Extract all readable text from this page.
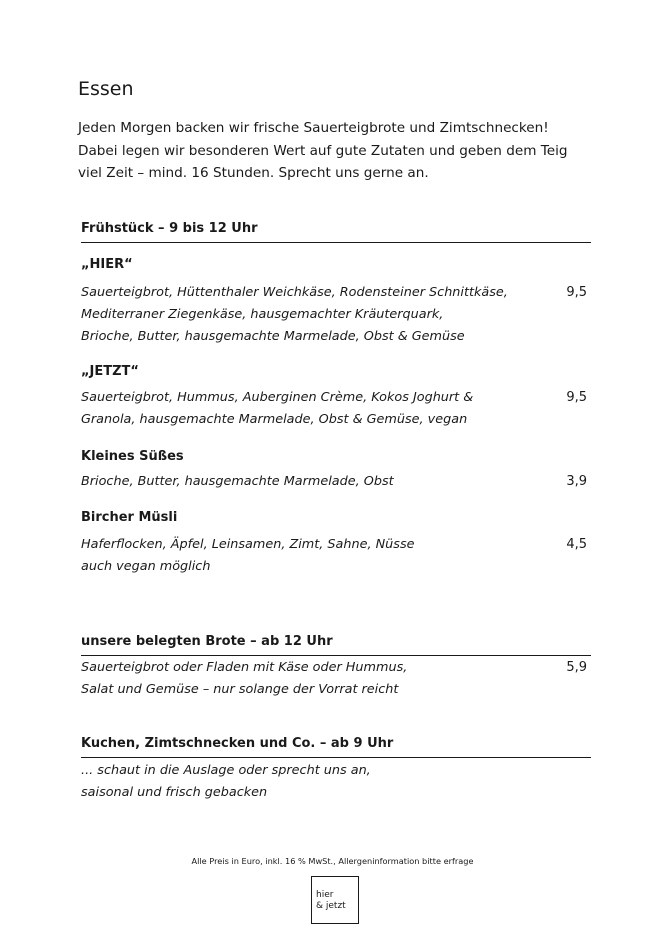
Essen
Jeden Morgen backen wir frische Sauerteigbrote und Zimtschnecken!
Dabei legen wir besonderen Wert auf gute Zutaten und geben dem Teig
viel Zeit – mind. 16 Stunden. Sprecht uns gerne an.
Frühstück – 9 bis 12 Uhr
„HIER“
Sauerteigbrot, Hüttenthaler Weichkäse, Rodensteiner Schnittkäse,
Mediterraner Ziegenkäse, hausgemachter Kräuterquark,
Brioche, Butter, hausgemachte Marmelade, Obst & Gemüse
9,5
„JETZT“
Sauerteigbrot, Hummus, Auberginen Crème, Kokos Joghurt &
Granola, hausgemachte Marmelade, Obst & Gemüse, vegan
9,5
Kleines Süßes
Brioche, Butter, hausgemachte Marmelade, Obst	3,9
Bircher Müsli
Haferflocken, Äpfel, Leinsamen, Zimt, Sahne, Nüsse
auch vegan möglich
4,5
unsere belegten Brote – ab 12 Uhr
Sauerteigbrot oder Fladen mit Käse oder Hummus,
Salat und Gemüse – nur solange der Vorrat reicht
5,9
Kuchen, Zimtschnecken und Co. – ab 9 Uhr
... schaut in die Auslage oder sprecht uns an,
saisonal und frisch gebacken
Alle Preis in Euro, inkl. 16 % MwSt., Allergeninformation bitte erfrage
hier
& jetzt
